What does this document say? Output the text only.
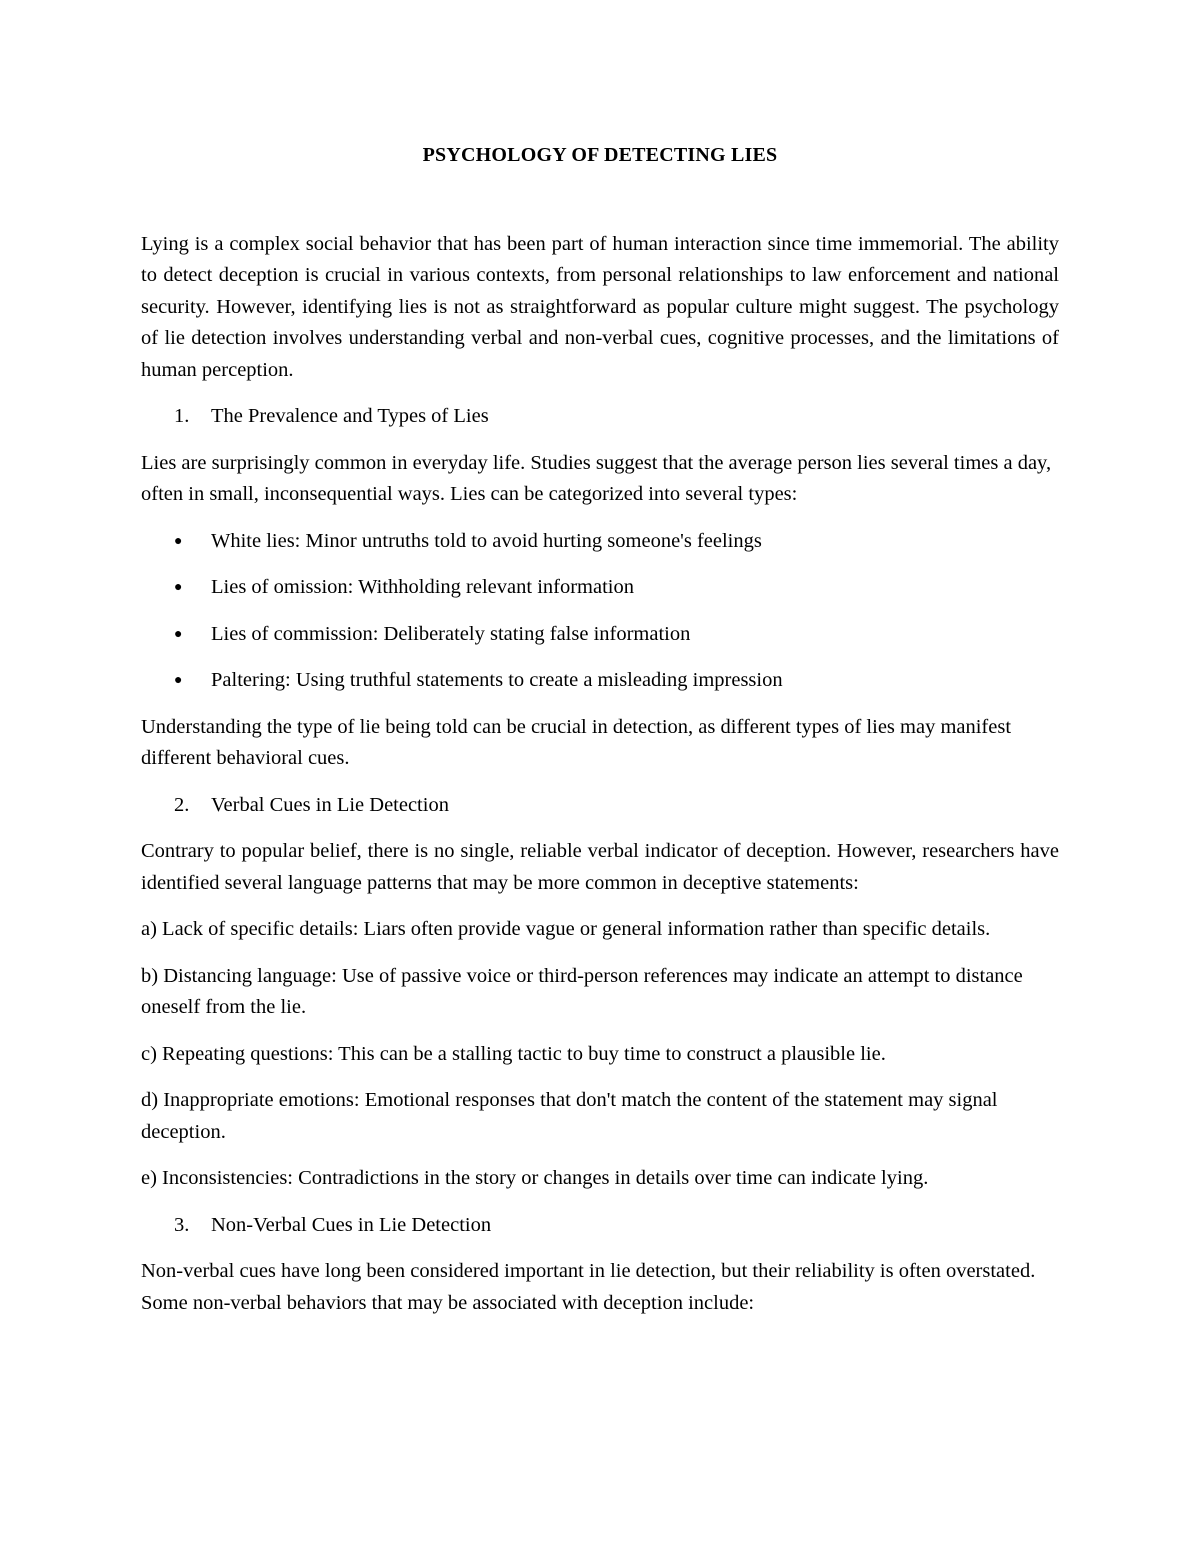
PSYCHOLOGY OF DETECTING LIES

Lying is a complex social behavior that has been part of human interaction since time immemorial. The ability to detect deception is crucial in various contexts, from personal relationships to law enforcement and national security. However, identifying lies is not as straightforward as popular culture might suggest. The psychology of lie detection involves understanding verbal and non-verbal cues, cognitive processes, and the limitations of human perception.

1.	The Prevalence and Types of Lies

Lies are surprisingly common in everyday life. Studies suggest that the average person lies several times a day, often in small, inconsequential ways. Lies can be categorized into several types:

●	White lies: Minor untruths told to avoid hurting someone's feelings
●	Lies of omission: Withholding relevant information
●	Lies of commission: Deliberately stating false information
●	Paltering: Using truthful statements to create a misleading impression

Understanding the type of lie being told can be crucial in detection, as different types of lies may manifest different behavioral cues.

2.	Verbal Cues in Lie Detection

Contrary to popular belief, there is no single, reliable verbal indicator of deception. However, researchers have identified several language patterns that may be more common in deceptive statements:

a) Lack of specific details: Liars often provide vague or general information rather than specific details.

b) Distancing language: Use of passive voice or third-person references may indicate an attempt to distance oneself from the lie.

c) Repeating questions: This can be a stalling tactic to buy time to construct a plausible lie.

d) Inappropriate emotions: Emotional responses that don't match the content of the statement may signal deception.

e) Inconsistencies: Contradictions in the story or changes in details over time can indicate lying.

3.	Non-Verbal Cues in Lie Detection

Non-verbal cues have long been considered important in lie detection, but their reliability is often overstated. Some non-verbal behaviors that may be associated with deception include:
